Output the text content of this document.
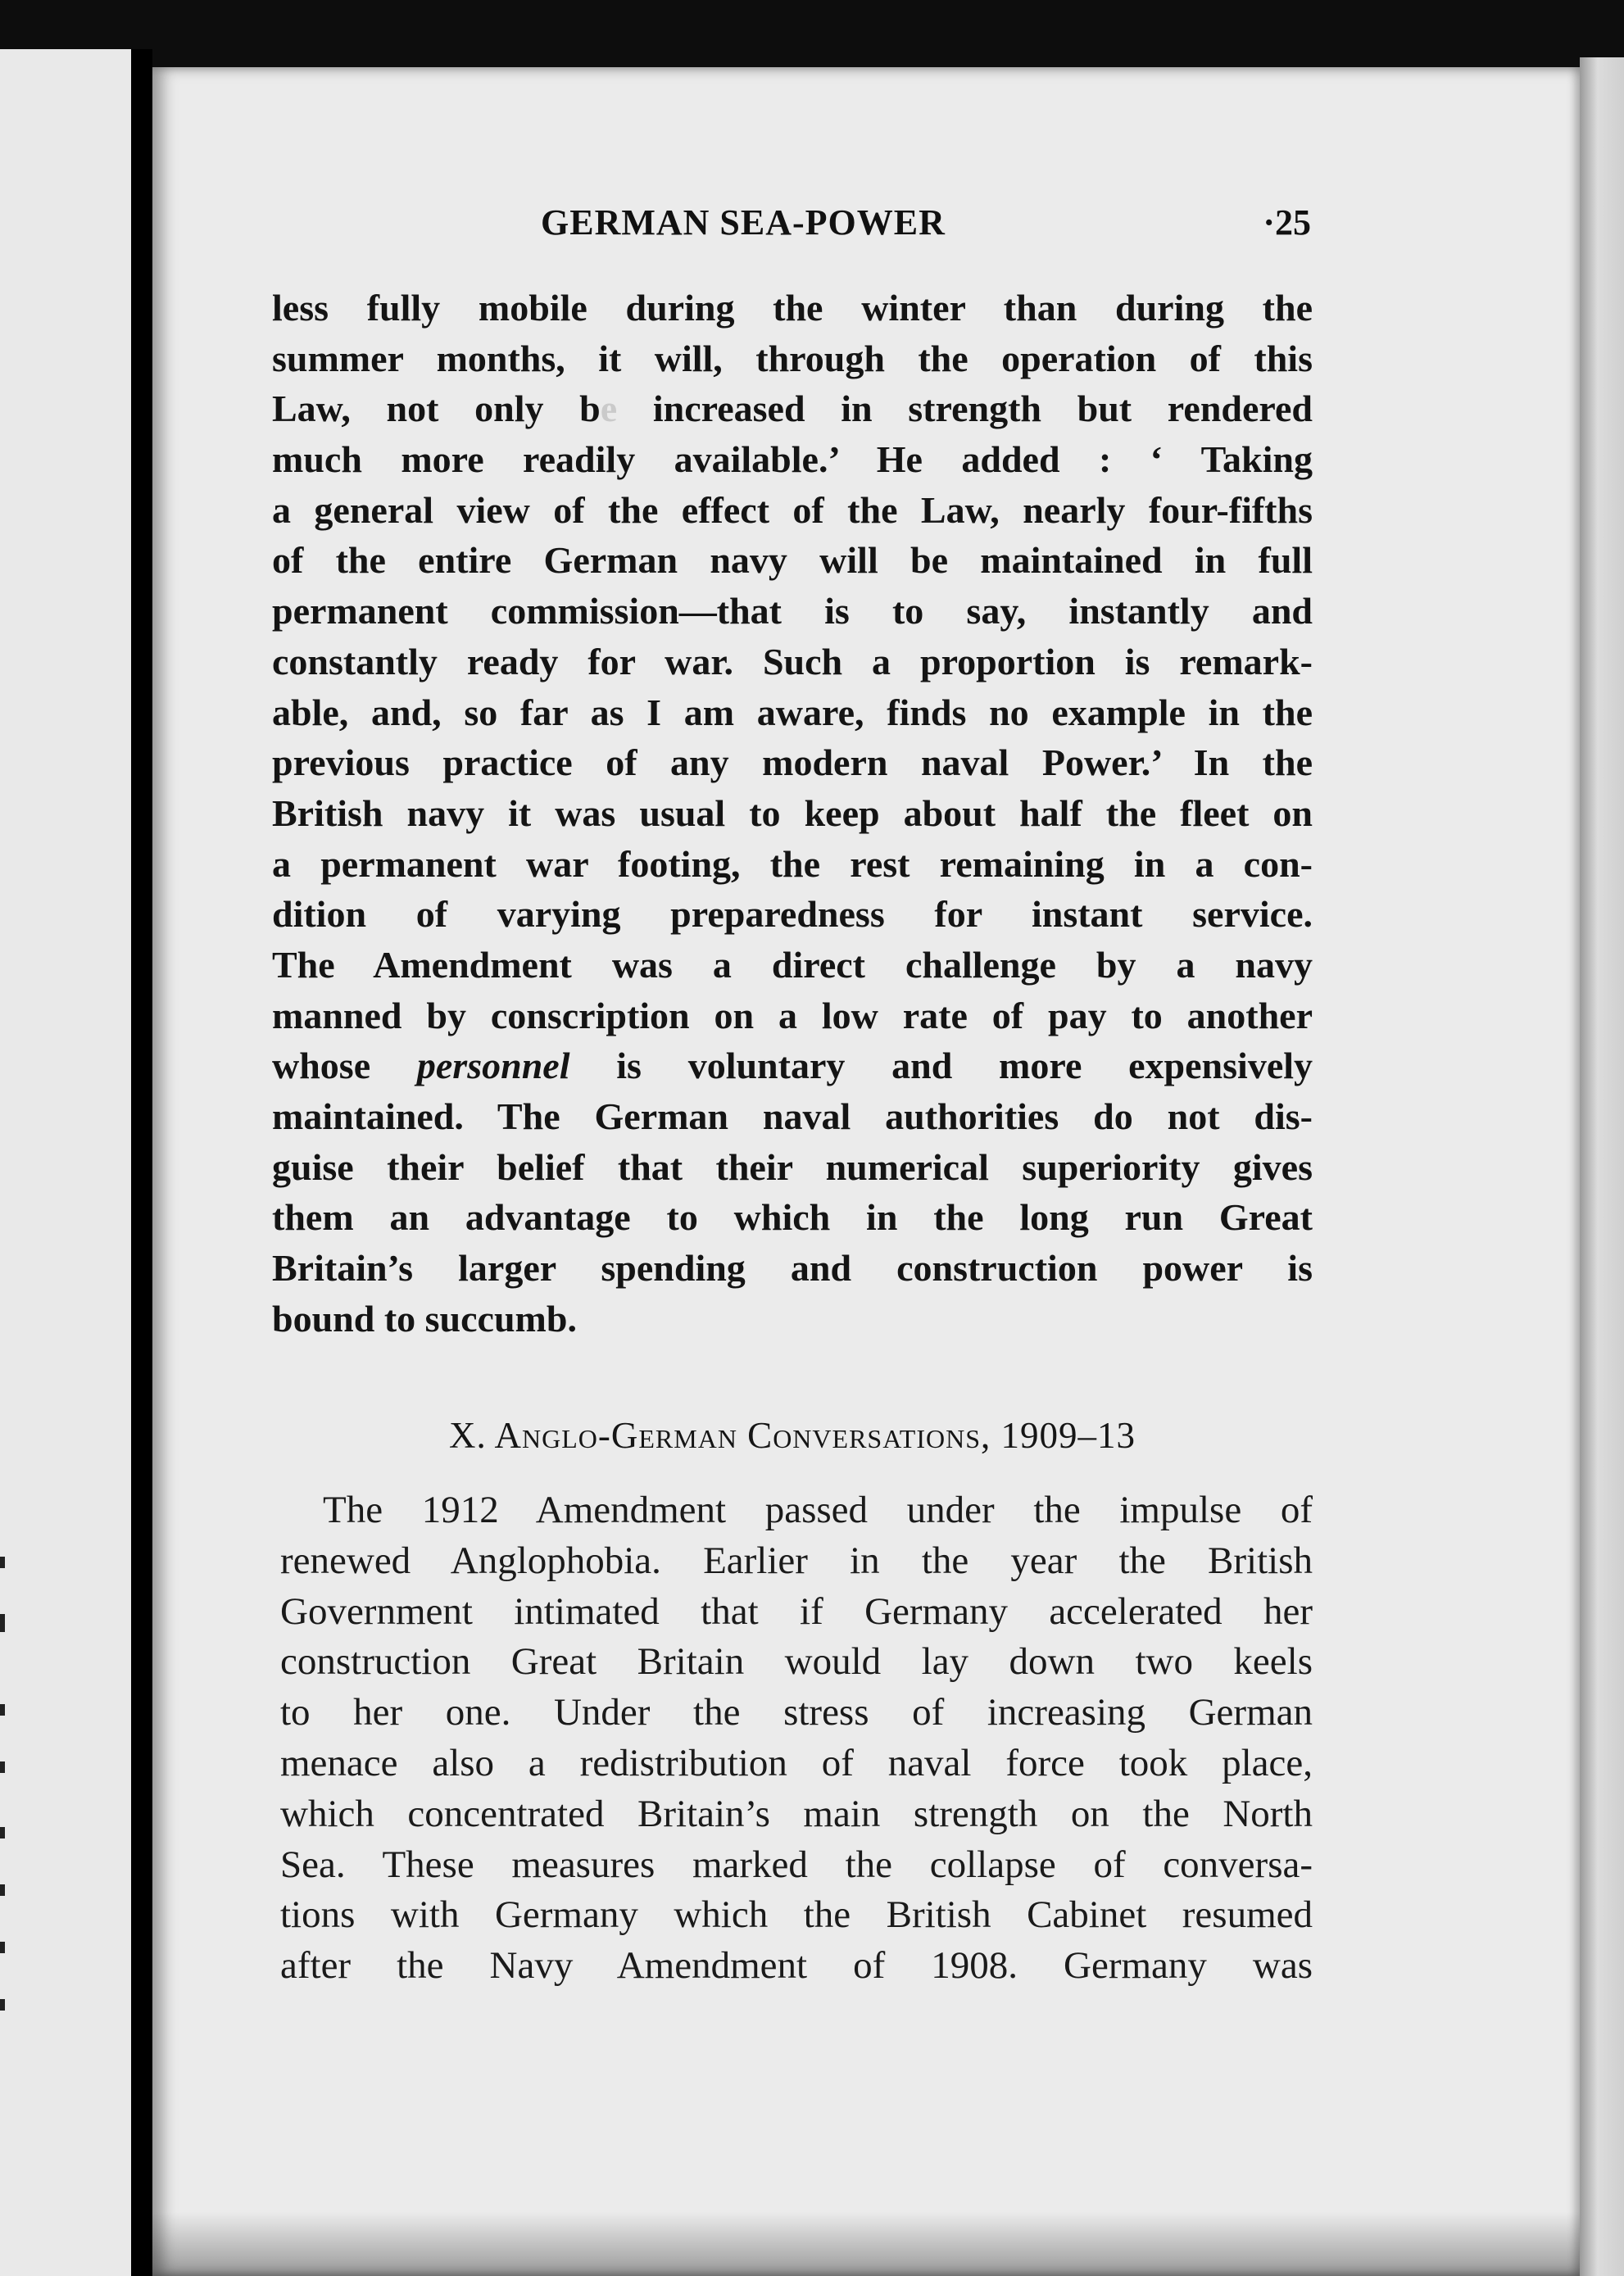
GERMAN SEA-POWER	·25
less fully mobile during the winter than during the
summer months, it will, through the operation of this
Law, not only be increased in strength but rendered
much more readily available.’ He added : ‘ Taking
a general view of the effect of the Law, nearly four-fifths
of the entire German navy will be maintained in full
permanent commission—that is to say, instantly and
constantly ready for war. Such a proportion is remark-
able, and, so far as I am aware, finds no example in the
previous practice of any modern naval Power.’ In the
British navy it was usual to keep about half the fleet on
a permanent war footing, the rest remaining in a con-
dition of varying preparedness for instant service.
The Amendment was a direct challenge by a navy
manned by conscription on a low rate of pay to another
whose personnel is voluntary and more expensively
maintained. The German naval authorities do not dis-
guise their belief that their numerical superiority gives
them an advantage to which in the long run Great
Britain’s larger spending and construction power is
bound to succumb.
X. Anglo-German Conversations, 1909–13
The 1912 Amendment passed under the impulse of
renewed Anglophobia. Earlier in the year the British
Government intimated that if Germany accelerated her
construction Great Britain would lay down two keels
to her one. Under the stress of increasing German
menace also a redistribution of naval force took place,
which concentrated Britain’s main strength on the North
Sea. These measures marked the collapse of conversa-
tions with Germany which the British Cabinet resumed
after the Navy Amendment of 1908. Germany was
